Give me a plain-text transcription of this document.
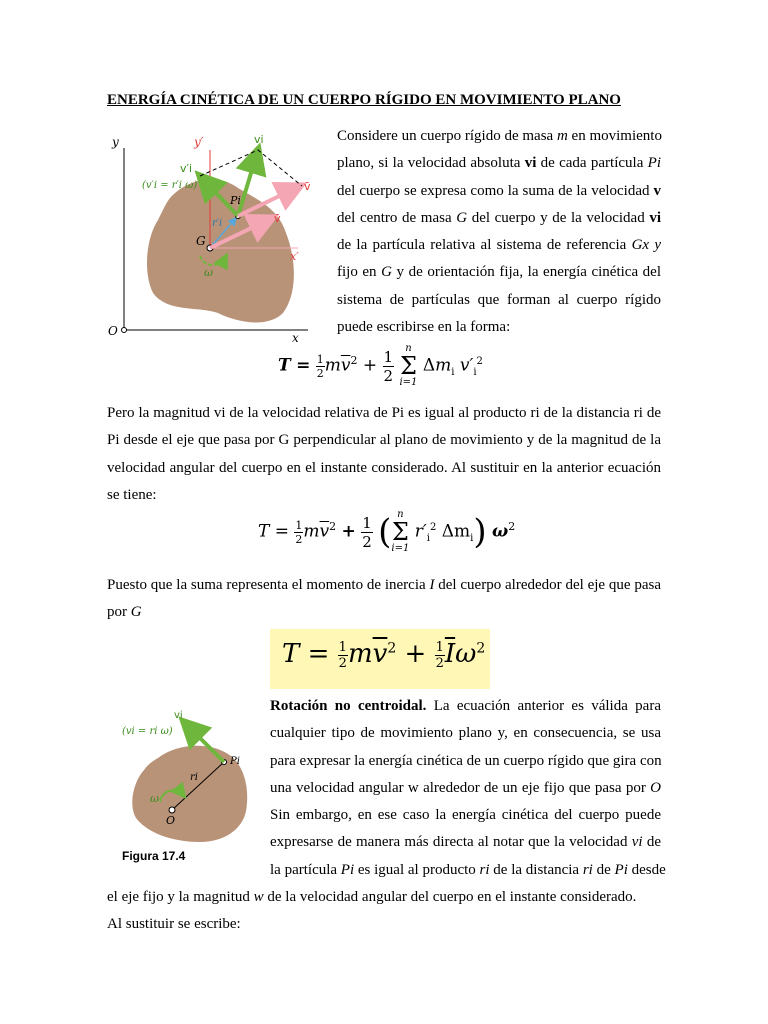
ENERGÍA CINÉTICA DE UN CUERPO RÍGIDO EN MOVIMIENTO PLANO
y
x
O
y′
x′
G
Pi
vi
v′i
(v′i = r′i ω)	v̄
v̄
r′i
ω
Considere un cuerpo rígido de masa m en movimiento
plano, si la velocidad absoluta vi de cada partícula Pi
del cuerpo se expresa como la suma de la velocidad v
del centro de masa G del cuerpo y de la velocidad vi
de la partícula relativa al sistema de referencia Gx y
fijo en G y de orientación fija, la energía cinética del
sistema de partículas que forman al cuerpo rígido
puede escribirse en la forma:
$T = \frac{1}{2} m\overline{v}^2 + \frac{1}{2}$
	n
Σ
i=1
$\Delta m_i$ $v'_i^2$
Pero la magnitud vi de la velocidad relativa de Pi es igual al producto ri de la distancia ri de
Pi desde el eje que pasa por G perpendicular al plano de movimiento y de la magnitud de la
velocidad angular del cuerpo en el instante considerado. Al sustituir en la anterior ecuación
se tiene:
$T = \frac{1}{2} m\overline{v}^2 + \frac{1}{2}$ ( n
Σ
i=1
$r'_i^2$ $\Delta m_i$) $\omega^2$
Puesto que la suma representa el momento de inercia I del cuerpo alrededor del eje que pasa
por G
$T = \frac{1}{2} m\overline{v}^2 + \frac{1}{2} \overline{I}\omega^2$
vi
(vi = ri ω)
Pi
ri
ω
O
Figura 17.4
Rotación no centroidal. La ecuación anterior es válida para
cualquier tipo de movimiento plano y, en consecuencia, se usa
para expresar la energía cinética de un cuerpo rígido que gira con
una velocidad angular w alrededor de un eje fijo que pasa por O
Sin embargo, en ese caso la energía cinética del cuerpo puede
expresarse de manera más directa al notar que la velocidad vi de
la partícula Pi es igual al producto ri de la distancia ri de Pi desde
el eje fijo y la magnitud w de la velocidad angular del cuerpo en el instante considerado.
Al sustituir se escribe:
